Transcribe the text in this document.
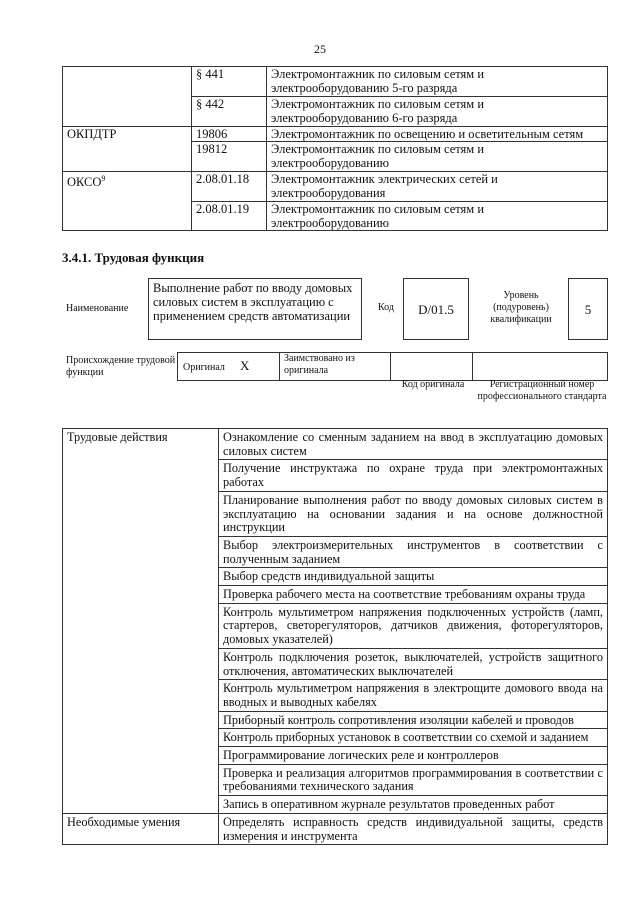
25
	§ 441	Электромонтажник по силовым сетям и электрооборудованию 5-го разряда
	§ 442	Электромонтажник по силовым сетям и электрооборудованию 6-го разряда
ОКПДТР	19806	Электромонтажник по освещению и осветительным сетям
	19812	Электромонтажник по силовым сетям и электрооборудованию
ОКСО$^9$	2.08.01.18	Электромонтажник электрических сетей и электрооборудования
	2.08.01.19	Электромонтажник по силовым сетям и электрооборудованию
3.4.1. Трудовая функция
Наименование
Выполнение работ по вводу домовых силовых систем в эксплуатацию с применением средств автоматизации
Код	D/01.5
Уровень (подуровень) квалификации
5
Происхождение трудовой функции	Оригинал X	Заимствовано из оригинала
Код оригинала	Регистрационный номер профессионального стандарта
Трудовые действия	Ознакомление со сменным заданием на ввод в эксплуатацию домовых силовых систем
	Получение инструктажа по охране труда при электромонтажных работах
	Планирование выполнения работ по вводу домовых силовых систем в эксплуатацию на основании задания и на основе должностной инструкции
	Выбор электроизмерительных инструментов в соответствии с полученным заданием
	Выбор средств индивидуальной защиты
	Проверка рабочего места на соответствие требованиям охраны труда
	Контроль мультиметром напряжения подключенных устройств (ламп, стартеров, светорегуляторов, датчиков движения, фоторегуляторов, домовых указателей)
	Контроль подключения розеток, выключателей, устройств защитного отключения, автоматических выключателей
	Контроль мультиметром напряжения в электрощите домового ввода на вводных и выводных кабелях
	Приборный контроль сопротивления изоляции кабелей и проводов
	Контроль приборных установок в соответствии со схемой и заданием
	Программирование логических реле и контроллеров
	Проверка и реализация алгоритмов программирования в соответствии с требованиями технического задания
	Запись в оперативном журнале результатов проведенных работ
Необходимые умения	Определять исправность средств индивидуальной защиты, средств измерения и инструмента
